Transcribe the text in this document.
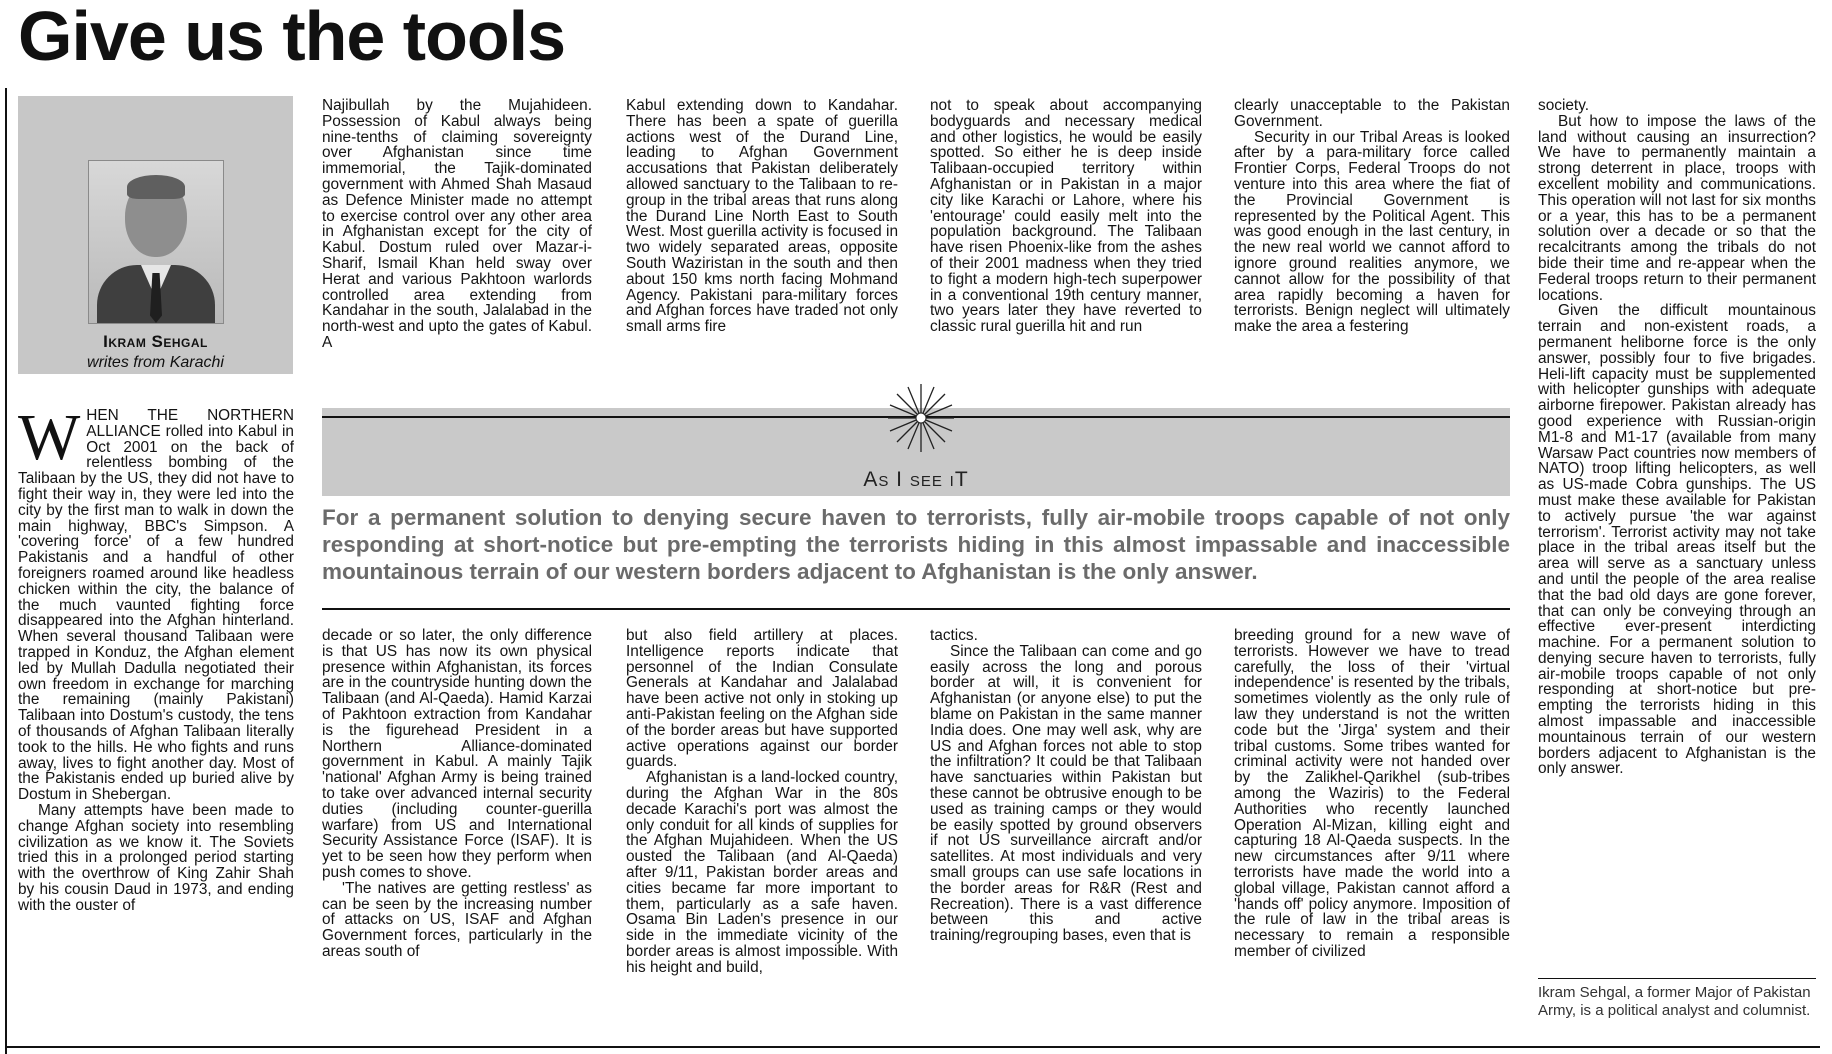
Give us the tools
Ikram Sehgal
writes from Karachi

WHEN THE NORTHERN ALLIANCE rolled into Kabul in Oct 2001 on the back of relentless bombing of the Talibaan by the US, they did not have to fight their way in, they were led into the city by the first man to walk in down the main highway, BBC's Simpson. A 'covering force' of a few hundred Pakistanis and a handful of other foreigners roamed around like headless chicken within the city, the balance of the much vaunted fighting force disappeared into the Afghan hinterland. When several thousand Talibaan were trapped in Konduz, the Afghan element led by Mullah Dadulla negotiated their own freedom in exchange for marching the remaining (mainly Pakistani) Talibaan into Dostum's custody, the tens of thousands of Afghan Talibaan literally took to the hills. He who fights and runs away, lives to fight another day. Most of the Pakistanis ended up buried alive by Dostum in Shebergan.

Many attempts have been made to change Afghan society into resembling civilization as we know it. The Soviets tried this in a prolonged period starting with the overthrow of King Zahir Shah by his cousin Daud in 1973, and ending with the ouster of

Najibullah by the Mujahideen. Possession of Kabul always being nine-tenths of claiming sovereignty over Afghanistan since time immemorial, the Tajik-dominated government with Ahmed Shah Masaud as Defence Minister made no attempt to exercise control over any other area in Afghanistan except for the city of Kabul. Dostum ruled over Mazar-i-Sharif, Ismail Khan held sway over Herat and various Pakhtoon warlords controlled area extending from Kandahar in the south, Jalalabad in the north-west and upto the gates of Kabul. A

Kabul extending down to Kandahar. There has been a spate of guerilla actions west of the Durand Line, leading to Afghan Government accusations that Pakistan deliberately allowed sanctuary to the Talibaan to re-group in the tribal areas that runs along the Durand Line North East to South West. Most guerilla activity is focused in two widely separated areas, opposite South Waziristan in the south and then about 150 kms north facing Mohmand Agency. Pakistani para-military forces and Afghan forces have traded not only small arms fire

not to speak about accompanying bodyguards and necessary medical and other logistics, he would be easily spotted. So either he is deep inside Talibaan-occupied territory within Afghanistan or in Pakistan in a major city like Karachi or Lahore, where his 'entourage' could easily melt into the population background. The Talibaan have risen Phoenix-like from the ashes of their 2001 madness when they tried to fight a modern high-tech superpower in a conventional 19th century manner, two years later they have reverted to classic rural guerilla hit and run

clearly unacceptable to the Pakistan Government.

Security in our Tribal Areas is looked after by a para-military force called Frontier Corps, Federal Troops do not venture into this area where the fiat of the Provincial Government is represented by the Political Agent. This was good enough in the last century, in the new real world we cannot afford to ignore ground realities anymore, we cannot allow for the possibility of that area rapidly becoming a haven for terrorists. Benign neglect will ultimately make the area a festering

As I see iT

For a permanent solution to denying secure haven to terrorists, fully air-mobile troops capable of not only responding at short-notice but pre-empting the terrorists hiding in this almost impassable and inaccessible mountainous terrain of our western borders adjacent to Afghanistan is the only answer.

decade or so later, the only difference is that US has now its own physical presence within Afghanistan, its forces are in the countryside hunting down the Talibaan (and Al-Qaeda). Hamid Karzai of Pakhtoon extraction from Kandahar is the figurehead President in a Northern Alliance-dominated government in Kabul. A mainly Tajik 'national' Afghan Army is being trained to take over advanced internal security duties (including counter-guerilla warfare) from US and International Security Assistance Force (ISAF). It is yet to be seen how they perform when push comes to shove.

'The natives are getting restless' as can be seen by the increasing number of attacks on US, ISAF and Afghan Government forces, particularly in the areas south of

but also field artillery at places. Intelligence reports indicate that personnel of the Indian Consulate Generals at Kandahar and Jalalabad have been active not only in stoking up anti-Pakistan feeling on the Afghan side of the border areas but have supported active operations against our border guards.

Afghanistan is a land-locked country, during the Afghan War in the 80s decade Karachi's port was almost the only conduit for all kinds of supplies for the Afghan Mujahideen. When the US ousted the Talibaan (and Al-Qaeda) after 9/11, Pakistan border areas and cities became far more important to them, particularly as a safe haven. Osama Bin Laden's presence in our side in the immediate vicinity of the border areas is almost impossible. With his height and build,

tactics.

Since the Talibaan can come and go easily across the long and porous border at will, it is convenient for Afghanistan (or anyone else) to put the blame on Pakistan in the same manner India does. One may well ask, why are US and Afghan forces not able to stop the infiltration? It could be that Talibaan have sanctuaries within Pakistan but these cannot be obtrusive enough to be used as training camps or they would be easily spotted by ground observers if not US surveillance aircraft and/or satellites. At most individuals and very small groups can use safe locations in the border areas for R&R (Rest and Recreation). There is a vast difference between this and active training/regrouping bases, even that is

breeding ground for a new wave of terrorists. However we have to tread carefully, the loss of their 'virtual independence' is resented by the tribals, sometimes violently as the only rule of law they understand is not the written code but the 'Jirga' system and their tribal customs. Some tribes wanted for criminal activity were not handed over by the Zalikhel-Qarikhel (sub-tribes among the Waziris) to the Federal Authorities who recently launched Operation Al-Mizan, killing eight and capturing 18 Al-Qaeda suspects. In the new circumstances after 9/11 where terrorists have made the world into a global village, Pakistan cannot afford a 'hands off' policy anymore. Imposition of the rule of law in the tribal areas is necessary to remain a responsible member of civilized

society.

But how to impose the laws of the land without causing an insurrection? We have to permanently maintain a strong deterrent in place, troops with excellent mobility and communications. This operation will not last for six months or a year, this has to be a permanent solution over a decade or so that the recalcitrants among the tribals do not bide their time and re-appear when the Federal troops return to their permanent locations.

Given the difficult mountainous terrain and non-existent roads, a permanent heliborne force is the only answer, possibly four to five brigades. Heli-lift capacity must be supplemented with helicopter gunships with adequate airborne firepower. Pakistan already has good experience with Russian-origin M1-8 and M1-17 (available from many Warsaw Pact countries now members of NATO) troop lifting helicopters, as well as US-made Cobra gunships. The US must make these available for Pakistan to actively pursue 'the war against terrorism'. Terrorist activity may not take place in the tribal areas itself but the area will serve as a sanctuary unless and until the people of the area realise that the bad old days are gone forever, that can only be conveying through an effective ever-present interdicting machine. For a permanent solution to denying secure haven to terrorists, fully air-mobile troops capable of not only responding at short-notice but pre-empting the terrorists hiding in this almost impassable and inaccessible mountainous terrain of our western borders adjacent to Afghanistan is the only answer.

Ikram Sehgal, a former Major of Pakistan Army, is a political analyst and columnist.
